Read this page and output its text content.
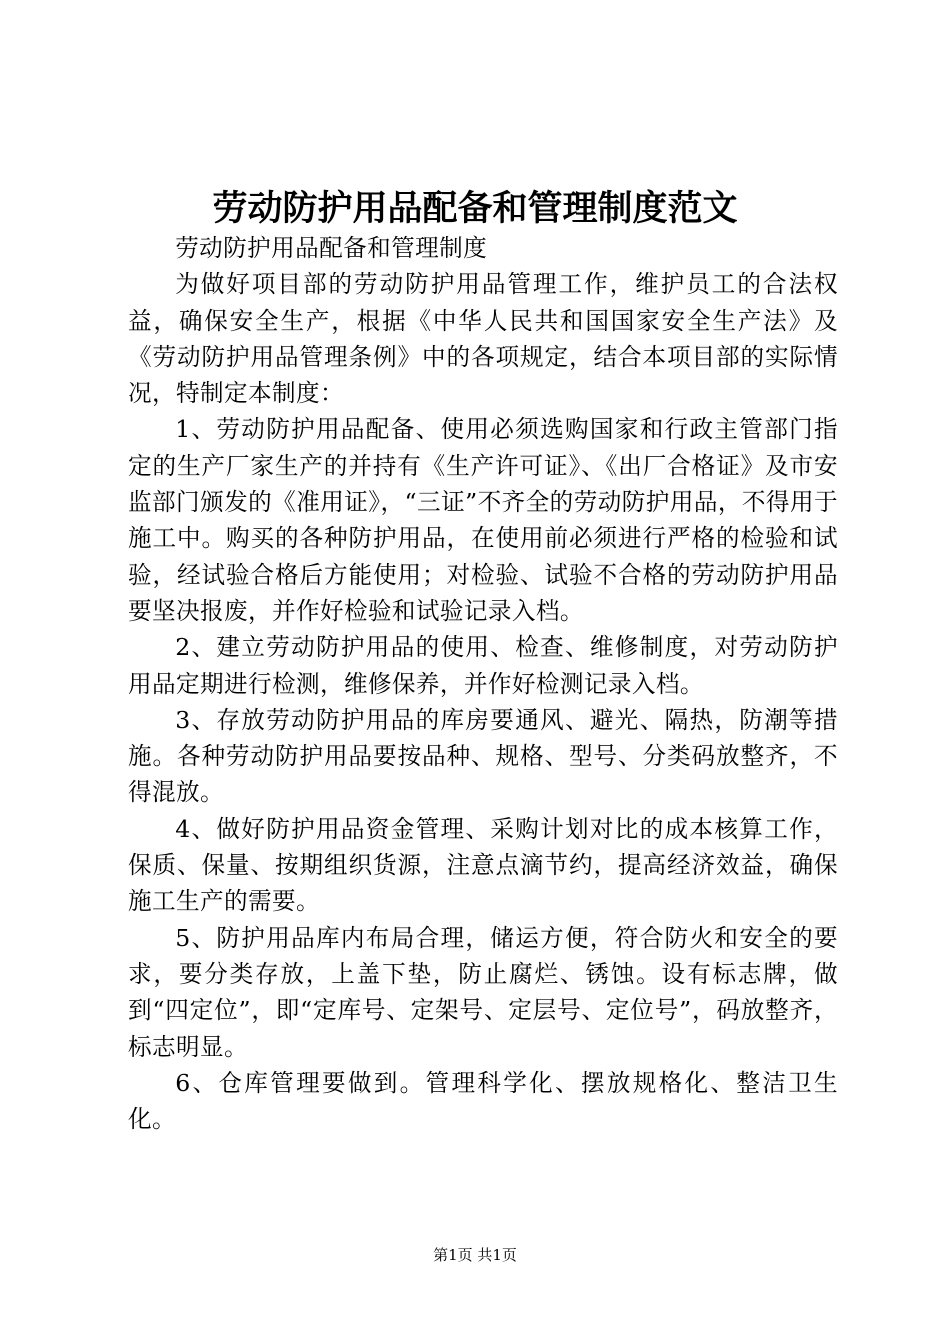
劳动防护用品配备和管理制度范文

劳动防护用品配备和管理制度

为做好项目部的劳动防护用品管理工作，维护员工的合法权益，确保安全生产，根据《中华人民共和国国家安全生产法》及《劳动防护用品管理条例》中的各项规定，结合本项目部的实际情况，特制定本制度：

1、劳动防护用品配备、使用必须选购国家和行政主管部门指定的生产厂家生产的并持有《生产许可证》、《出厂合格证》及市安监部门颁发的《准用证》，“三证”不齐全的劳动防护用品，不得用于施工中。购买的各种防护用品，在使用前必须进行严格的检验和试验，经试验合格后方能使用；对检验、试验不合格的劳动防护用品要坚决报废，并作好检验和试验记录入档。

2、建立劳动防护用品的使用、检查、维修制度，对劳动防护用品定期进行检测，维修保养，并作好检测记录入档。

3、存放劳动防护用品的库房要通风、避光、隔热，防潮等措施。各种劳动防护用品要按品种、规格、型号、分类码放整齐，不得混放。

4、做好防护用品资金管理、采购计划对比的成本核算工作，保质、保量、按期组织货源，注意点滴节约，提高经济效益，确保施工生产的需要。

5、防护用品库内布局合理，储运方便，符合防火和安全的要求，要分类存放，上盖下垫，防止腐烂、锈蚀。设有标志牌，做到“四定位”，即“定库号、定架号、定层号、定位号”，码放整齐，标志明显。

6、仓库管理要做到。管理科学化、摆放规格化、整洁卫生化。

第1页 共1页
